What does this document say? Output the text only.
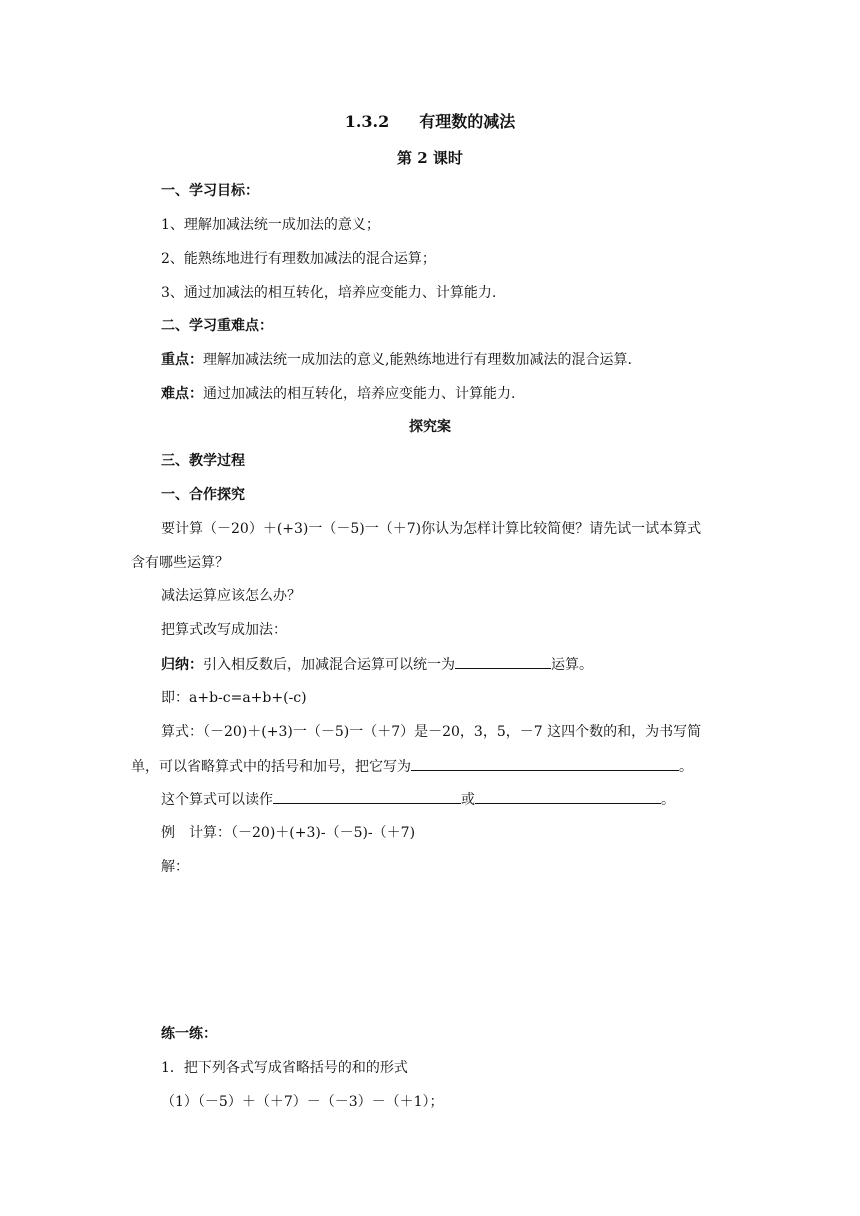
1.3.2 有理数的减法
第 2 课时
一、学习目标：
1、理解加减法统一成加法的意义；
2、能熟练地进行有理数加减法的混合运算；
3、通过加减法的相互转化，培养应变能力、计算能力.
二、学习重难点：
重点：理解加减法统一成加法的意义,能熟练地进行有理数加减法的混合运算.
难点：通过加减法的相互转化，培养应变能力、计算能力.
探究案
三、教学过程
一、合作探究
要计算（－20）＋(+3)一（－5)一（＋7)你认为怎样计算比较简便？请先试一试本算式
含有哪些运算？
减法运算应该怎么办？
把算式改写成加法：
归纳：引入相反数后，加减混合运算可以统一为	运算。
即：a+b-c=a+b+(-c)
算式：（－20)＋(+3)一（－5)一（＋7）是－20，3，5，－7 这四个数的和，为书写简
单，可以省略算式中的括号和加号，把它写为	。
这个算式可以读作	或	。
例　计算：（－20)＋(+3)-（－5)-（＋7)
解：
练一练：
1．把下列各式写成省略括号的和的形式
（1）（－5）＋（＋7）－（－3）－（＋1）；
